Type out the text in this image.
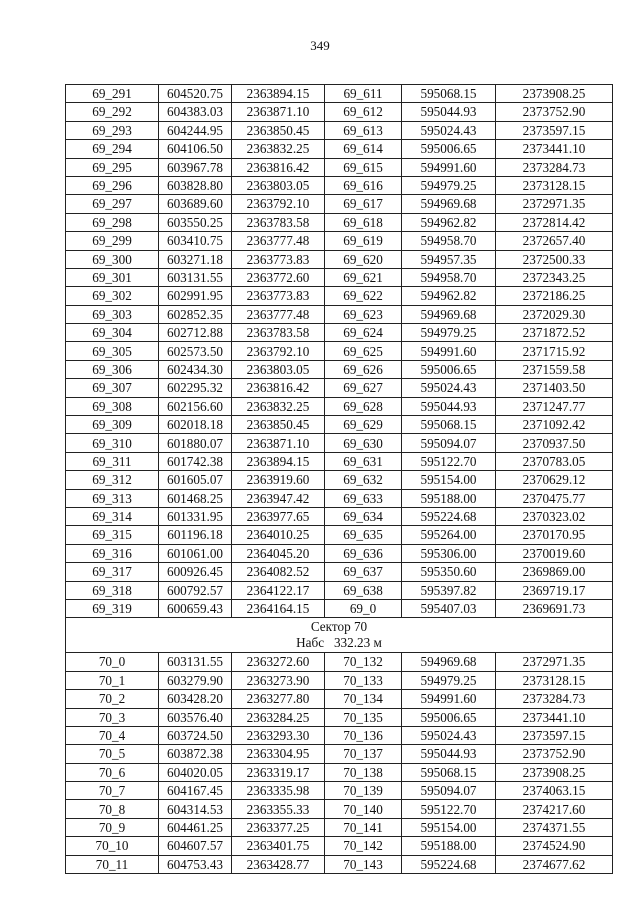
349
69_291	604520.75	2363894.15	69_611	595068.15	2373908.25
69_292	604383.03	2363871.10	69_612	595044.93	2373752.90
69_293	604244.95	2363850.45	69_613	595024.43	2373597.15
69_294	604106.50	2363832.25	69_614	595006.65	2373441.10
69_295	603967.78	2363816.42	69_615	594991.60	2373284.73
69_296	603828.80	2363803.05	69_616	594979.25	2373128.15
69_297	603689.60	2363792.10	69_617	594969.68	2372971.35
69_298	603550.25	2363783.58	69_618	594962.82	2372814.42
69_299	603410.75	2363777.48	69_619	594958.70	2372657.40
69_300	603271.18	2363773.83	69_620	594957.35	2372500.33
69_301	603131.55	2363772.60	69_621	594958.70	2372343.25
69_302	602991.95	2363773.83	69_622	594962.82	2372186.25
69_303	602852.35	2363777.48	69_623	594969.68	2372029.30
69_304	602712.88	2363783.58	69_624	594979.25	2371872.52
69_305	602573.50	2363792.10	69_625	594991.60	2371715.92
69_306	602434.30	2363803.05	69_626	595006.65	2371559.58
69_307	602295.32	2363816.42	69_627	595024.43	2371403.50
69_308	602156.60	2363832.25	69_628	595044.93	2371247.77
69_309	602018.18	2363850.45	69_629	595068.15	2371092.42
69_310	601880.07	2363871.10	69_630	595094.07	2370937.50
69_311	601742.38	2363894.15	69_631	595122.70	2370783.05
69_312	601605.07	2363919.60	69_632	595154.00	2370629.12
69_313	601468.25	2363947.42	69_633	595188.00	2370475.77
69_314	601331.95	2363977.65	69_634	595224.68	2370323.02
69_315	601196.18	2364010.25	69_635	595264.00	2370170.95
69_316	601061.00	2364045.20	69_636	595306.00	2370019.60
69_317	600926.45	2364082.52	69_637	595350.60	2369869.00
69_318	600792.57	2364122.17	69_638	595397.82	2369719.17
69_319	600659.43	2364164.15	69_0	595407.03	2369691.73

Сектор 70
Набс   332.23 м					

70_0	603131.55	2363272.60	70_132	594969.68	2372971.35
70_1	603279.90	2363273.90	70_133	594979.25	2373128.15
70_2	603428.20	2363277.80	70_134	594991.60	2373284.73
70_3	603576.40	2363284.25	70_135	595006.65	2373441.10
70_4	603724.50	2363293.30	70_136	595024.43	2373597.15
70_5	603872.38	2363304.95	70_137	595044.93	2373752.90
70_6	604020.05	2363319.17	70_138	595068.15	2373908.25
70_7	604167.45	2363335.98	70_139	595094.07	2374063.15
70_8	604314.53	2363355.33	70_140	595122.70	2374217.60
70_9	604461.25	2363377.25	70_141	595154.00	2374371.55
70_10	604607.57	2363401.75	70_142	595188.00	2374524.90
70_11	604753.43	2363428.77	70_143	595224.68	2374677.62
